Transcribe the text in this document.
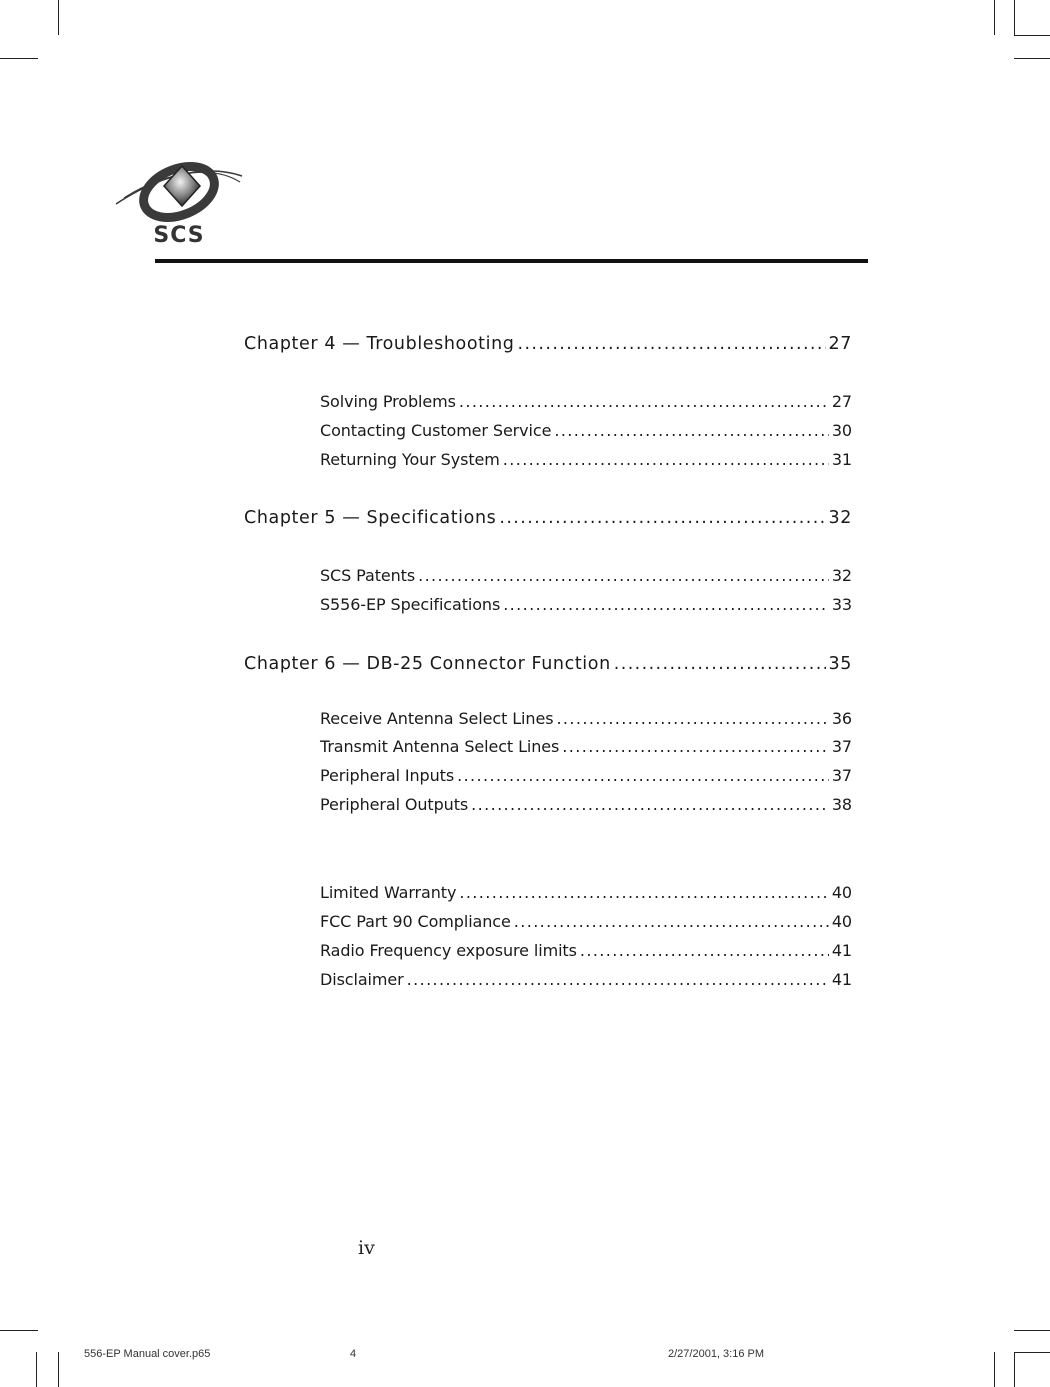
SCS
Chapter 4 — Troubleshooting .....	27
Solving Problems .....	27
Contacting Customer Service .....	30
Returning Your System .....	31
Chapter 5 — Specifications .....	32
SCS Patents .....	32
S556-EP Specifications .....	33
Chapter 6 — DB-25 Connector Function .....	35
Receive Antenna Select Lines .....	36
Transmit Antenna Select Lines .....	37
Peripheral Inputs .....	37
Peripheral Outputs .....	38
Limited Warranty .....	40
FCC Part 90 Compliance .....	40
Radio Frequency exposure limits .....	41
Disclaimer .....	41
iv
556-EP Manual cover.p65	4	2/27/2001, 3:16 PM
